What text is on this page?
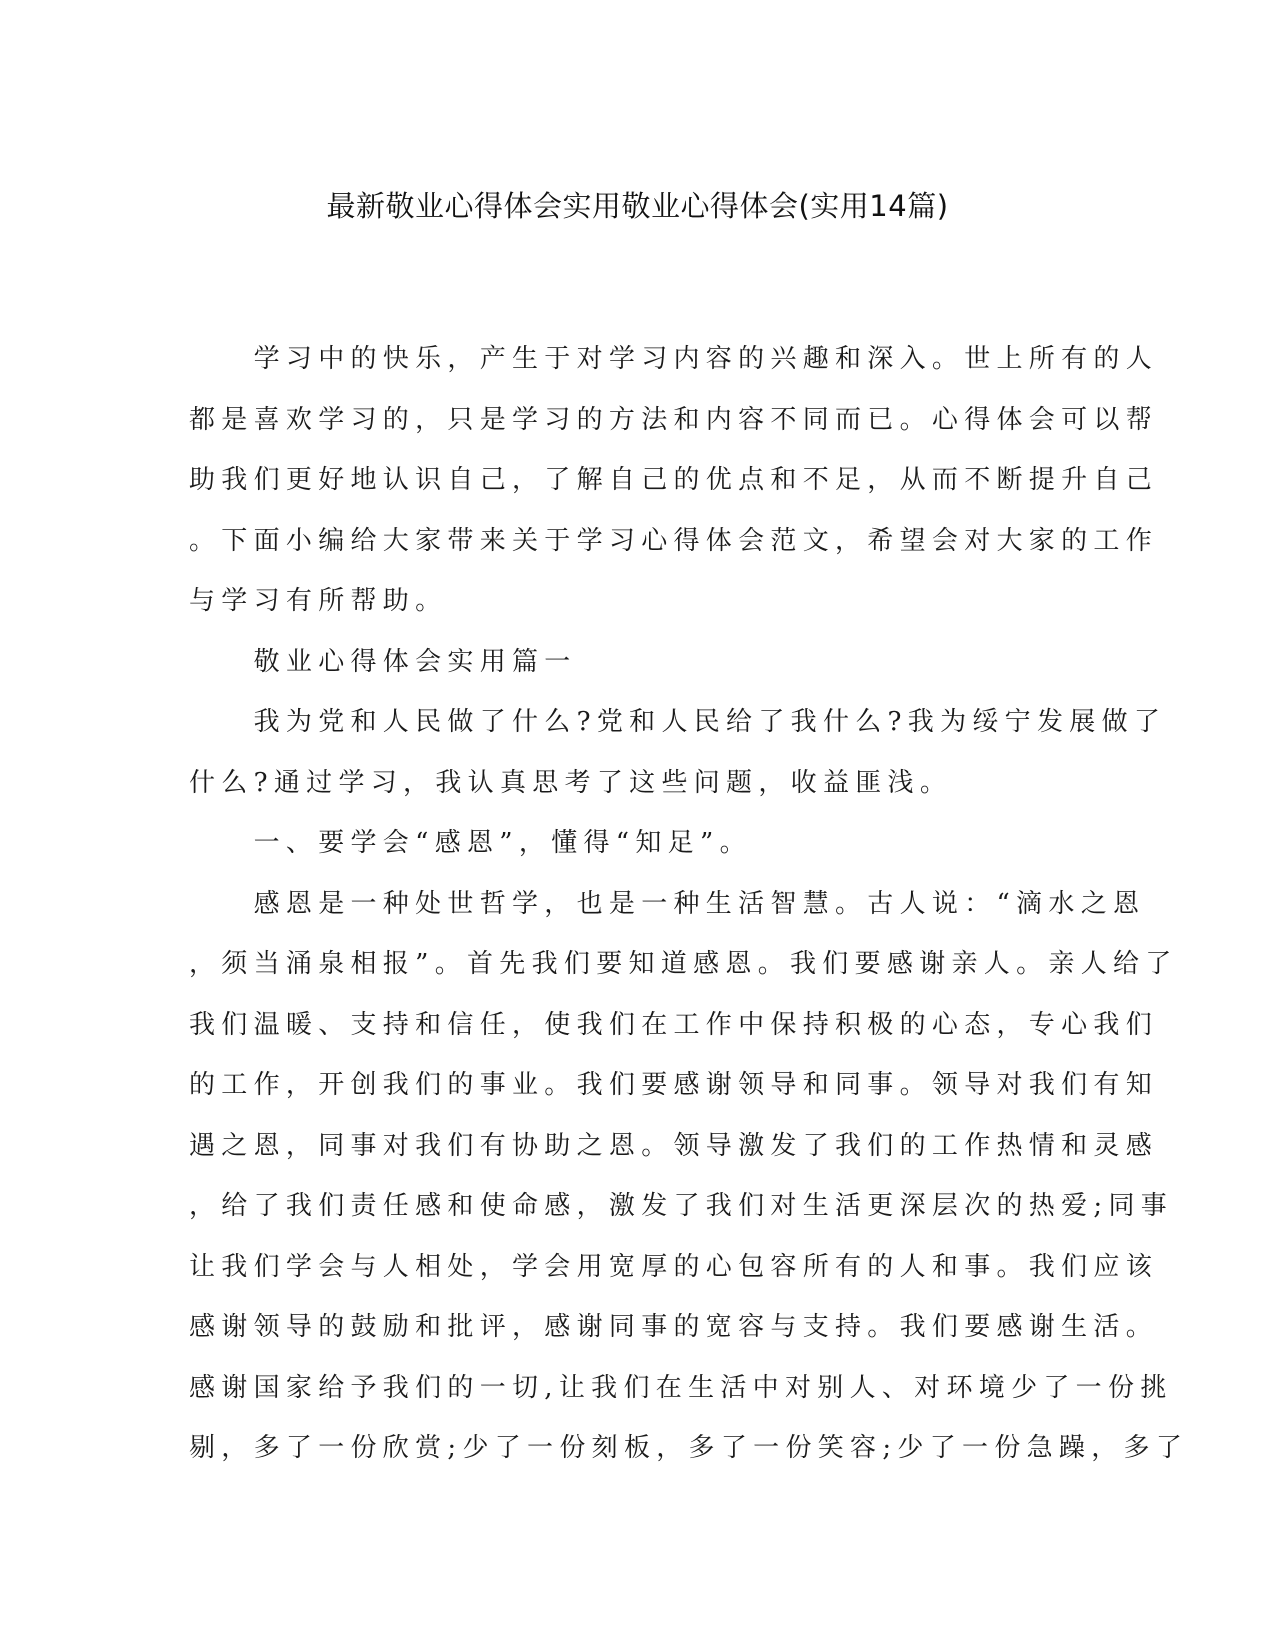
最新敬业心得体会实用敬业心得体会(实用14篇)
　　学习中的快乐，产生于对学习内容的兴趣和深入。世上所有的人
都是喜欢学习的，只是学习的方法和内容不同而已。心得体会可以帮
助我们更好地认识自己，了解自己的优点和不足，从而不断提升自己
。下面小编给大家带来关于学习心得体会范文，希望会对大家的工作
与学习有所帮助。
　　敬业心得体会实用篇一
　　我为党和人民做了什么?党和人民给了我什么?我为绥宁发展做了
什么?通过学习，我认真思考了这些问题，收益匪浅。
　　一、要学会“感恩”，懂得“知足”。
　　感恩是一种处世哲学，也是一种生活智慧。古人说：“滴水之恩
，须当涌泉相报”。首先我们要知道感恩。我们要感谢亲人。亲人给了
我们温暖、支持和信任，使我们在工作中保持积极的心态，专心我们
的工作，开创我们的事业。我们要感谢领导和同事。领导对我们有知
遇之恩，同事对我们有协助之恩。领导激发了我们的工作热情和灵感
，给了我们责任感和使命感，激发了我们对生活更深层次的热爱;同事
让我们学会与人相处，学会用宽厚的心包容所有的人和事。我们应该
感谢领导的鼓励和批评，感谢同事的宽容与支持。我们要感谢生活。
感谢国家给予我们的一切,让我们在生活中对别人、对环境少了一份挑
剔，多了一份欣赏;少了一份刻板，多了一份笑容;少了一份急躁，多了
